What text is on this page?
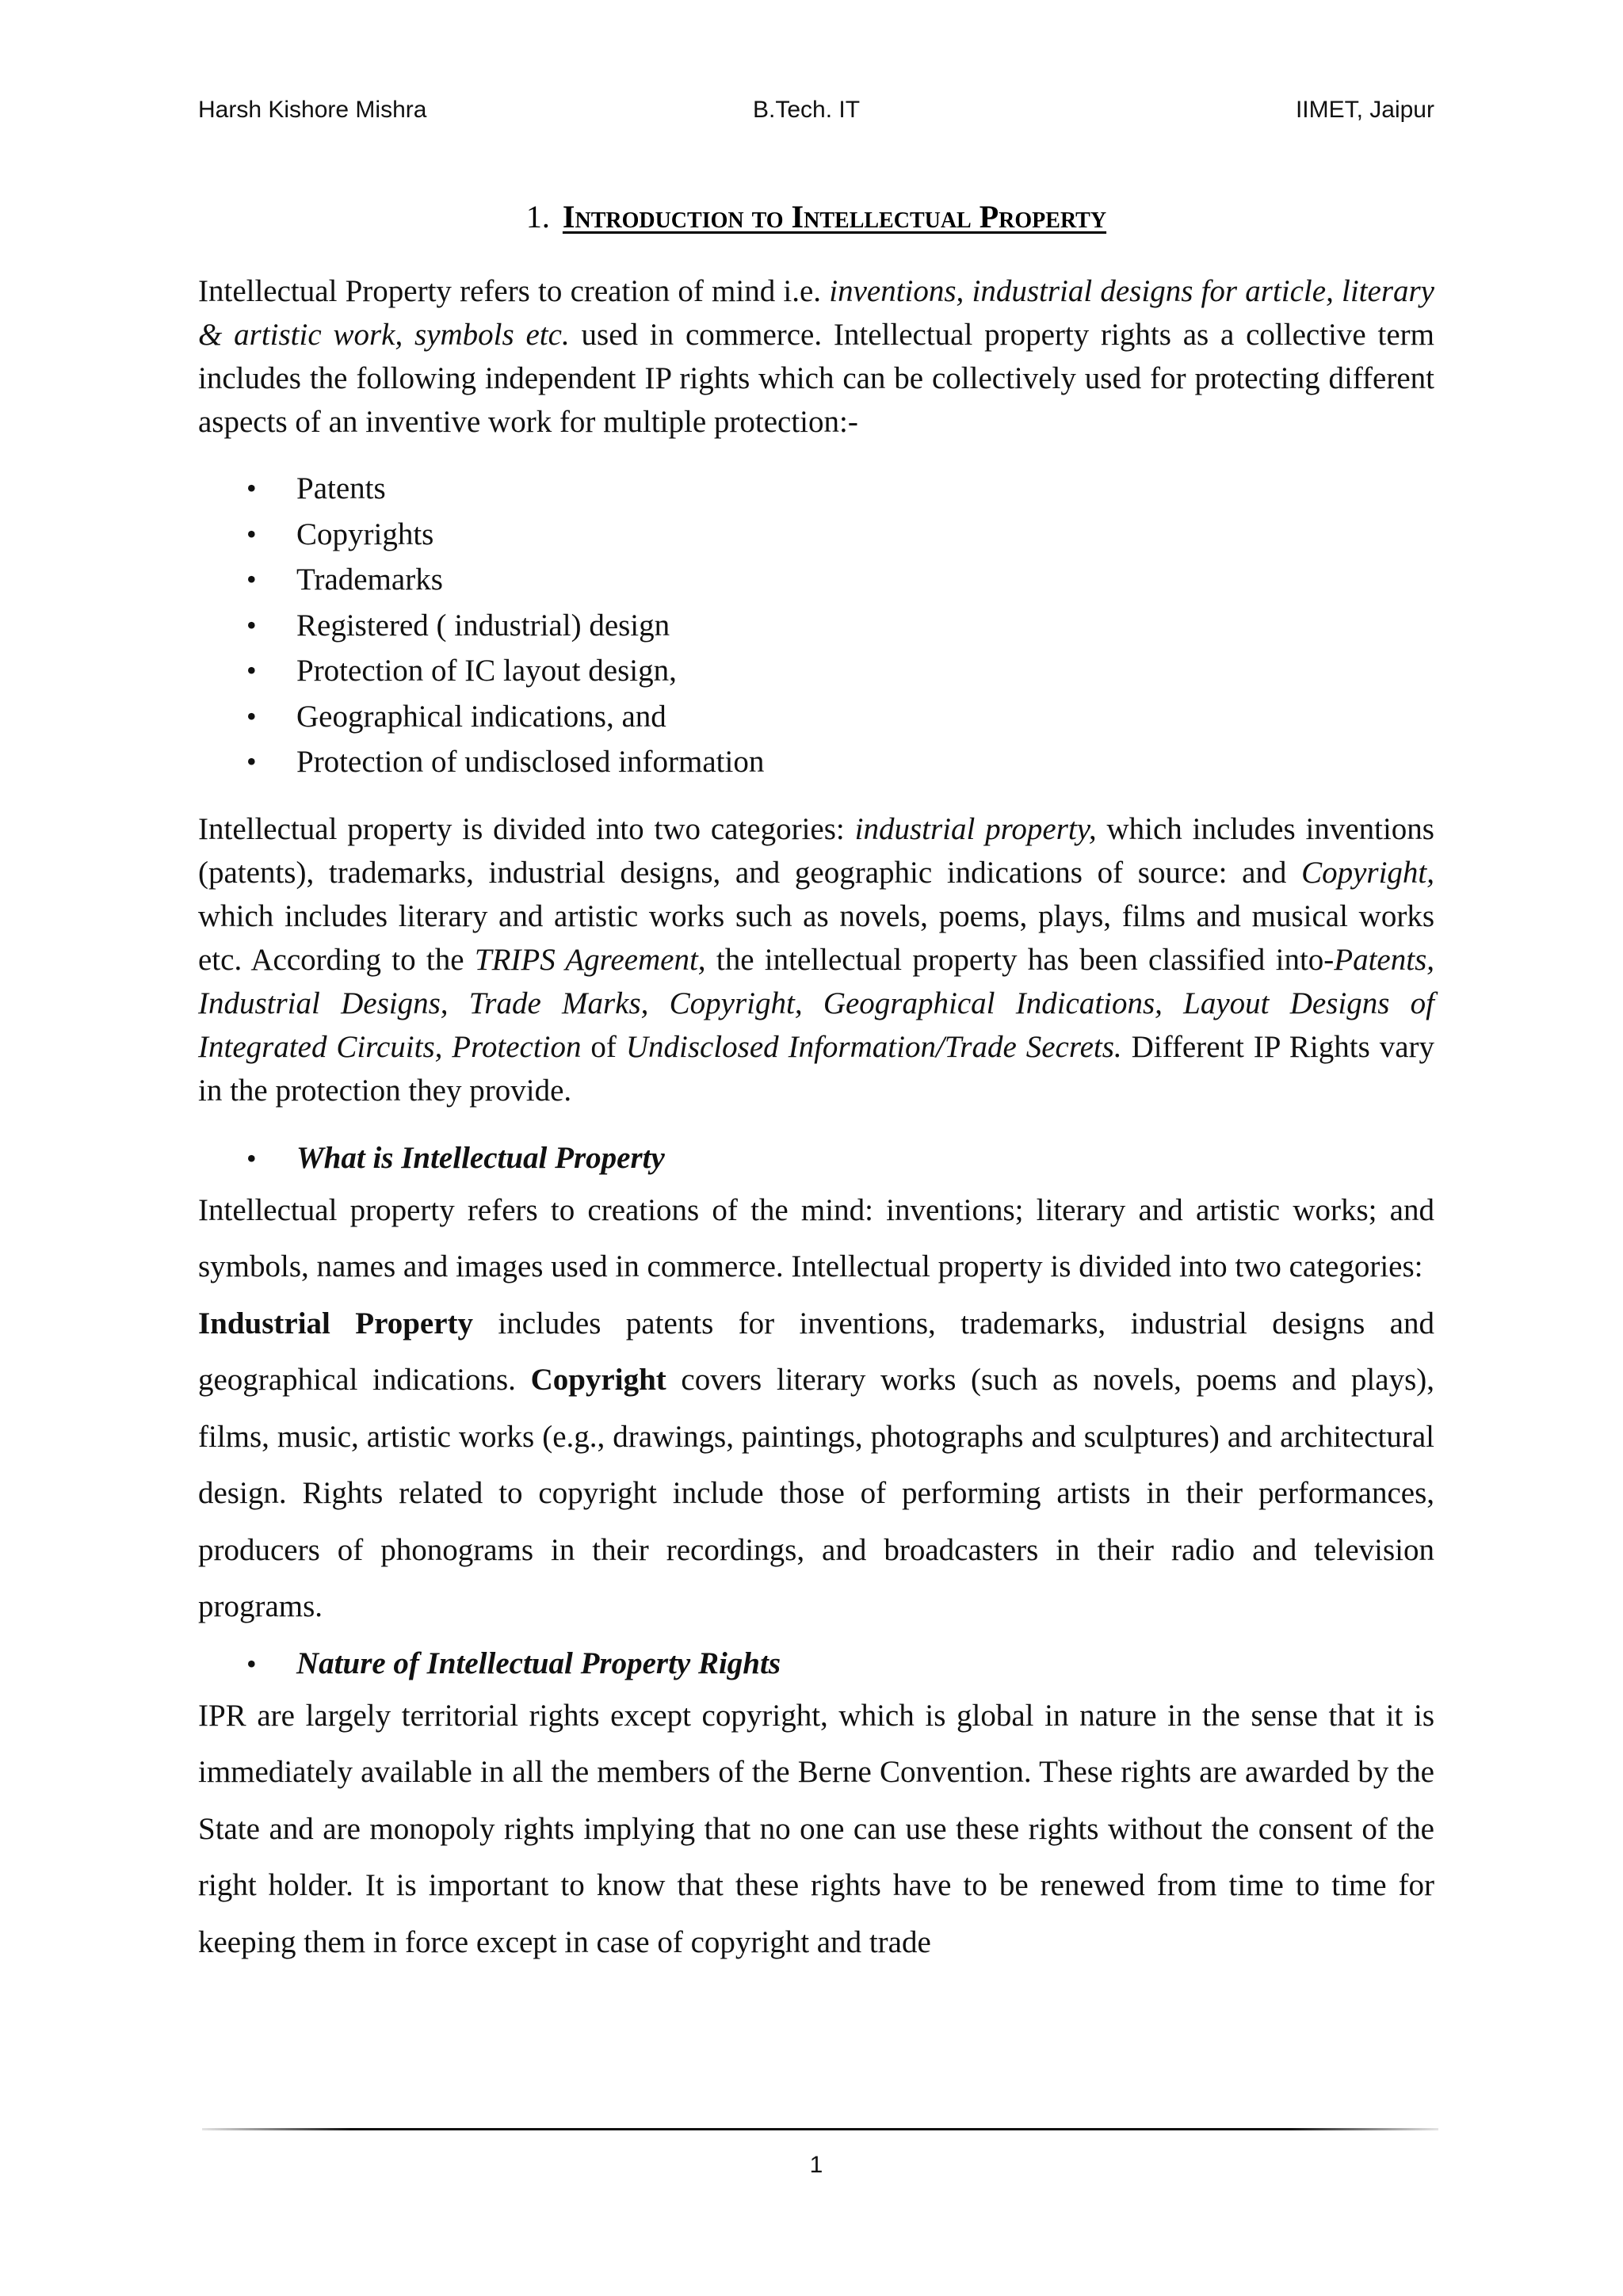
Harsh Kishore Mishra	B.Tech. IT	IIMET, Jaipur
1. Introduction to Intellectual Property

Intellectual Property refers to creation of mind i.e. inventions, industrial designs for article, literary & artistic work, symbols etc. used in commerce. Intellectual property rights as a collective term includes the following independent IP rights which can be collectively used for protecting different aspects of an inventive work for multiple protection:-

• Patents
• Copyrights
• Trademarks
• Registered ( industrial) design
• Protection of IC layout design,
• Geographical indications, and
• Protection of undisclosed information

Intellectual property is divided into two categories: industrial property, which includes inventions (patents), trademarks, industrial designs, and geographic indications of source: and Copyright, which includes literary and artistic works such as novels, poems, plays, films and musical works etc. According to the TRIPS Agreement, the intellectual property has been classified into-Patents, Industrial Designs, Trade Marks, Copyright, Geographical Indications, Layout Designs of Integrated Circuits, Protection of Undisclosed Information/Trade Secrets. Different IP Rights vary in the protection they provide.

• What is Intellectual Property

Intellectual property refers to creations of the mind: inventions; literary and artistic works; and symbols, names and images used in commerce. Intellectual property is divided into two categories:

Industrial Property includes patents for inventions, trademarks, industrial designs and geographical indications. Copyright covers literary works (such as novels, poems and plays), films, music, artistic works (e.g., drawings, paintings, photographs and sculptures) and architectural design. Rights related to copyright include those of performing artists in their performances, producers of phonograms in their recordings, and broadcasters in their radio and television programs.

• Nature of Intellectual Property Rights

IPR are largely territorial rights except copyright, which is global in nature in the sense that it is immediately available in all the members of the Berne Convention. These rights are awarded by the State and are monopoly rights implying that no one can use these rights without the consent of the right holder. It is important to know that these rights have to be renewed from time to time for keeping them in force except in case of copyright and trade

1
